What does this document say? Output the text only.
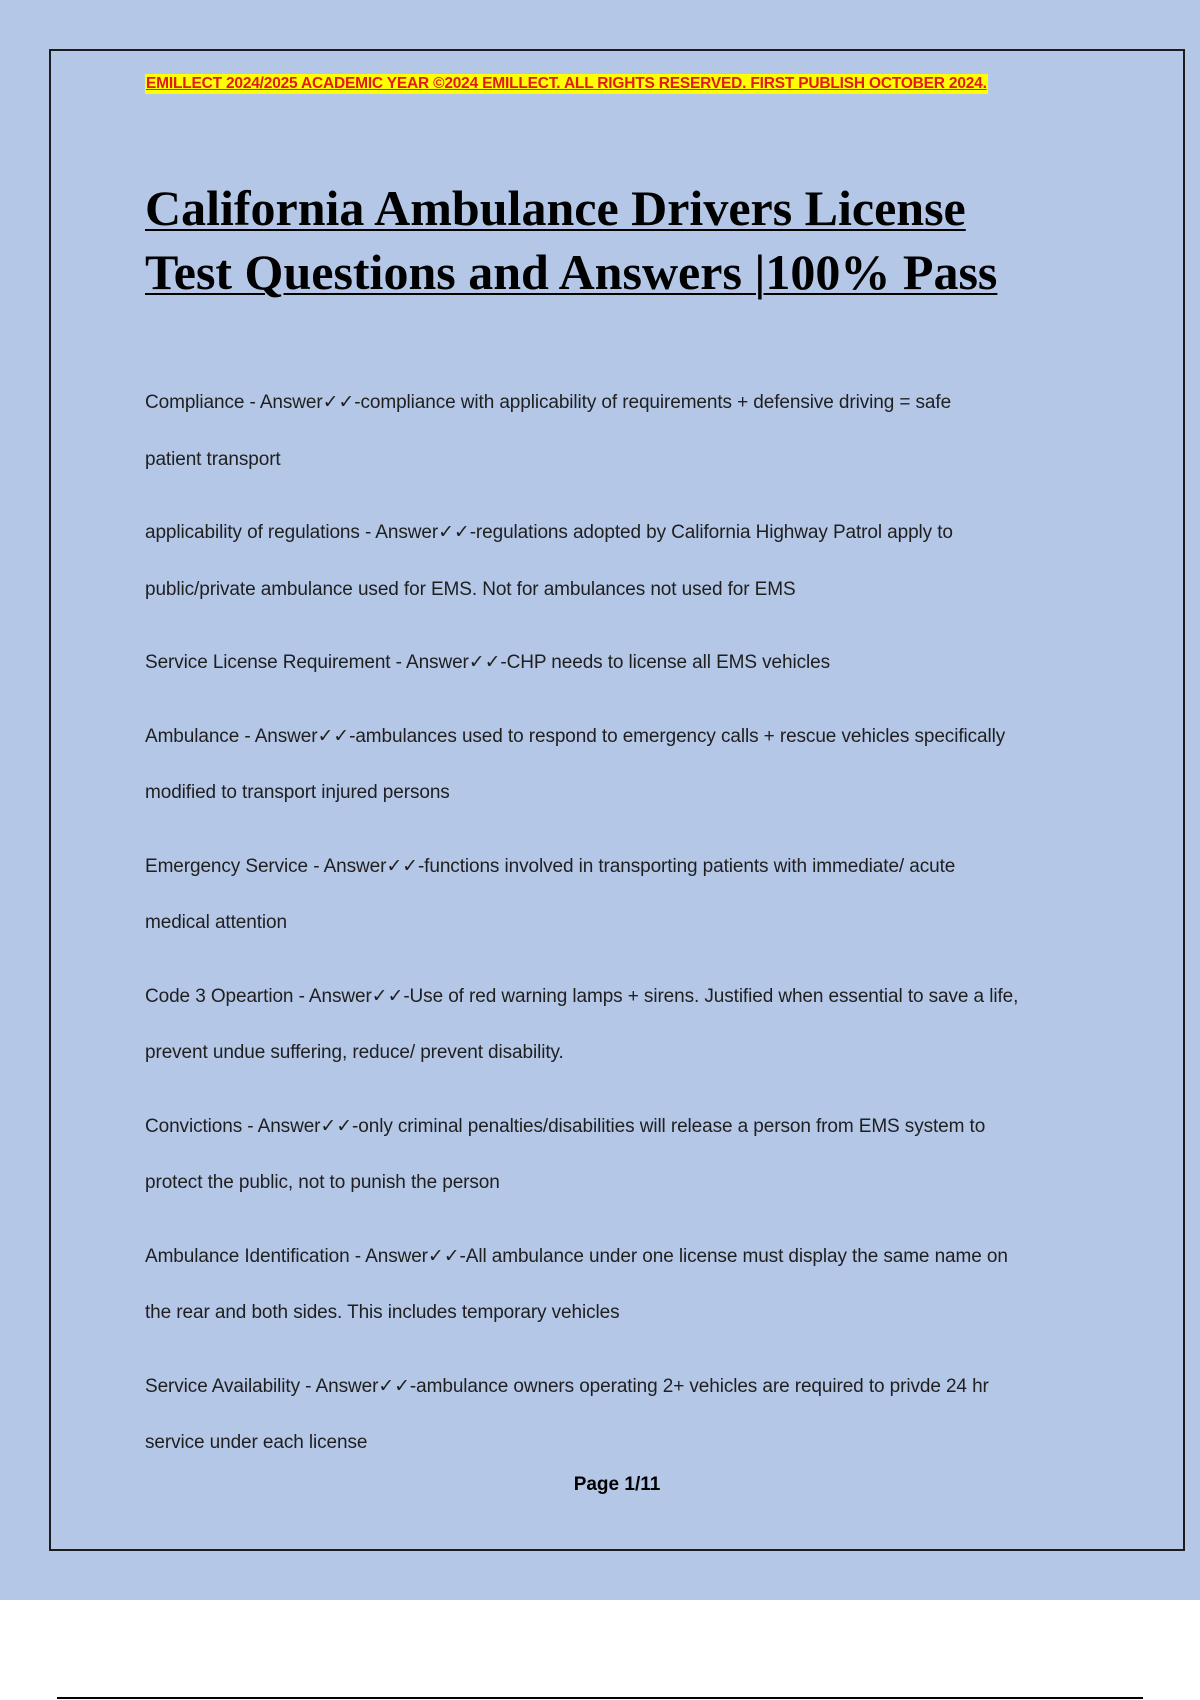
EMILLECT 2024/2025 ACADEMIC YEAR ©2024 EMILLECT. ALL RIGHTS RESERVED. FIRST PUBLISH OCTOBER 2024.
California Ambulance Drivers License
Test Questions and Answers |100% Pass
Compliance - Answer✓✓-compliance with applicability of requirements + defensive driving = safe
patient transport
applicability of regulations - Answer✓✓-regulations adopted by California Highway Patrol apply to
public/private ambulance used for EMS. Not for ambulances not used for EMS
Service License Requirement - Answer✓✓-CHP needs to license all EMS vehicles
Ambulance - Answer✓✓-ambulances used to respond to emergency calls + rescue vehicles specifically
modified to transport injured persons
Emergency Service - Answer✓✓-functions involved in transporting patients with immediate/ acute
medical attention
Code 3 Opeartion - Answer✓✓-Use of red warning lamps + sirens. Justified when essential to save a life,
prevent undue suffering, reduce/ prevent disability.
Convictions - Answer✓✓-only criminal penalties/disabilities will release a person from EMS system to
protect the public, not to punish the person
Ambulance Identification - Answer✓✓-All ambulance under one license must display the same name on
the rear and both sides. This includes temporary vehicles
Service Availability - Answer✓✓-ambulance owners operating 2+ vehicles are required to privde 24 hr
service under each license
Page 1/11
